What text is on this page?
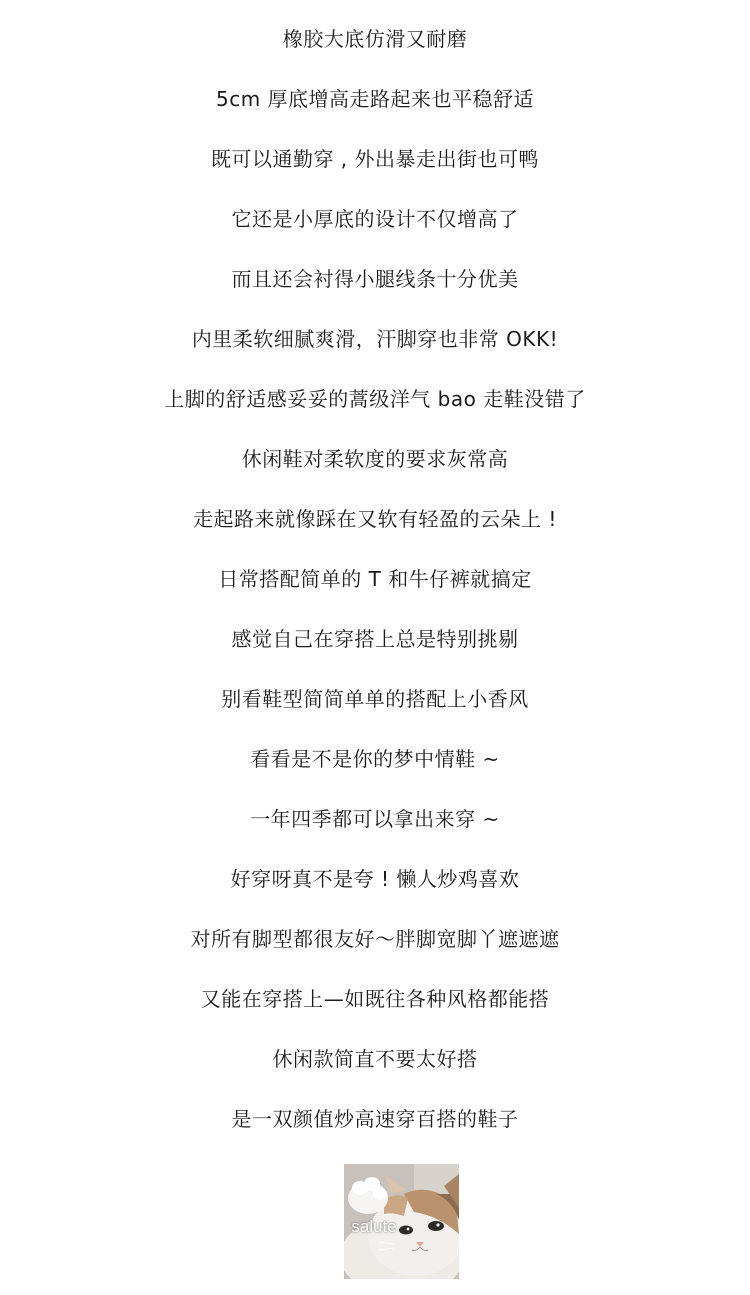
橡胶大底仿滑又耐磨
5cm 厚底增高走路起来也平稳舒适
既可以通勤穿 , 外出暴走出街也可鸭
它还是小厚底的设计不仅增高了
而且还会衬得小腿线条十分优美
内里柔软细腻爽滑，汗脚穿也非常 OKK!
上脚的舒适感妥妥的蒿级洋气 bao 走鞋没错了
休闲鞋对柔软度的要求灰常高
走起路来就像踩在又软有轻盈的云朵上 !
日常搭配简单的 T 和牛仔裤就搞定
感觉自己在穿搭上总是特别挑剔
别看鞋型简简单单的搭配上小香风
看看是不是你的梦中情鞋 ~
一年四季都可以拿出来穿 ~
好穿呀真不是夸 ! 懒人炒鸡喜欢
对所有脚型都很友好～胖脚宽脚丫遮遮遮
又能在穿搭上—如既往各种风格都能搭
休闲款简直不要太好搭
是一双颜值炒高速穿百搭的鞋子
salute
